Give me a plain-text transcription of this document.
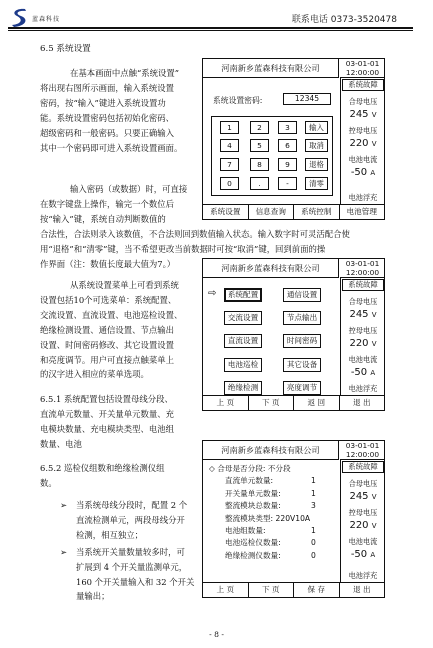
蓝森科技	联系电话 0373-3520478
6.5 系统设置
在基本画面中点触“系统设置”
将出现右图所示画面，输入系统设置
密码，按“输入”键进入系统设置功
能。系统设置密码包括初始化密码、
超级密码和一般密码。只要正确输入
其中一个密码即可进入系统设置画面。
输入密码（或数据）时，可直接
在数字键盘上操作，输完一个数位后
按“输入”键，系统自动判断数值的
合法性，合法则录入该数值，不合法则回到数值输入状态。输入数字时可灵活配合使
用“退格”和“清零”键，当不希望更改当前数据时可按“取消”键，回到前面的操
作界面（注：数值长度最大值为7。）
从系统设置菜单上可看到系统
设置包括10个可选菜单：系统配置、
交流设置、直流设置、电池巡检设置、
绝缘检测设置、通信设置、节点输出
设置、时间密码修改、其它设置设置
和亮度调节。用户可直接点触菜单上
的汉字进入相应的菜单选项。
6.5.1 系统配置包括设置母线分段、
直流单元数量、开关量单元数量、充
电模块数量、充电模块类型、电池组
数量、电池
6.5.2 巡检仪组数和绝缘检测仪组
数。
➢ 当系统母线分段时，配置 2 个
直流检测单元，两段母线分开
检测，相互独立；
➢ 当系统开关量数量较多时，可
扩展到 4 个开关量监测单元，
160 个开关量输入和 32 个开关
量输出；
河南新乡蓝森科技有限公司	03-01-01
12:00:00
系统设置密码:	12345
1	2	3	输入
4	5	6	取消
7	8	9	退格
0	.	-	清零
系统故障
合母电压
245 V
控母电压
220 V
电池电流
-50 A
电池浮充
系统设置	信息查询	系统控制	电池管理
河南新乡蓝森科技有限公司	03-01-01
12:00:00
⇨	系统配置	通信设置
交流设置	节点输出
直流设置	时间密码
电池巡检	其它设备
绝缘检测	亮度调节
系统故障
合母电压
245 V
控母电压
220 V
电池电流
-50 A
电池浮充
上 页	下 页	返 回	退 出
河南新乡蓝森科技有限公司	03-01-01
12:00:00
◇ 合母是否分段: 不分段
直流单元数量:	1
开关量单元数量:	1
整流模块总数量:	3
整流模块类型: 220V10A
电池组数量:	1
电池巡检仪数量:	0
绝缘检测仪数量:	0
系统故障
合母电压
245 V
控母电压
220 V
电池电流
-50 A
电池浮充
上 页	下 页	保 存	退 出
- 8 -
